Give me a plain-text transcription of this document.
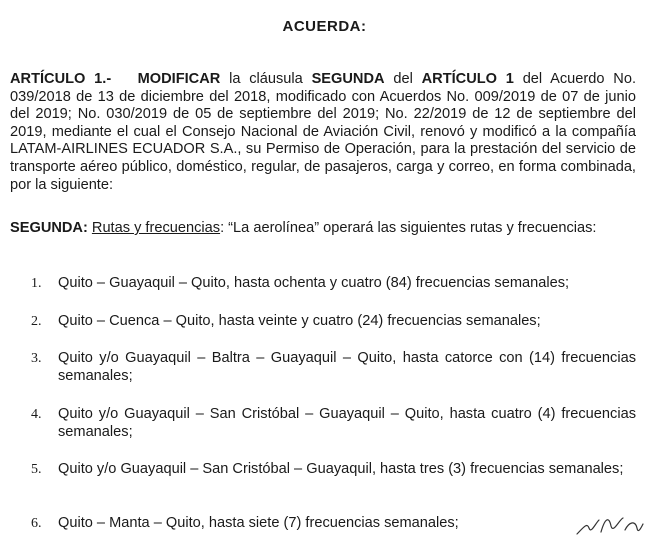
ACUERDA:
ARTÍCULO 1.- MODIFICAR la cláusula SEGUNDA del ARTÍCULO 1 del Acuerdo No. 039/2018 de 13 de diciembre del 2018, modificado con Acuerdos No. 009/2019 de 07 de junio del 2019; No. 030/2019 de 05 de septiembre del 2019; No. 22/2019 de 12 de septiembre del 2019, mediante el cual el Consejo Nacional de Aviación Civil, renovó y modificó a la compañía LATAM-AIRLINES ECUADOR S.A., su Permiso de Operación, para la prestación del servicio de transporte aéreo público, doméstico, regular, de pasajeros, carga y correo, en forma combinada, por la siguiente:
SEGUNDA: Rutas y frecuencias: “La aerolínea” operará las siguientes rutas y frecuencias:
1.	Quito – Guayaquil – Quito, hasta ochenta y cuatro (84) frecuencias semanales;
2.	Quito – Cuenca – Quito, hasta veinte y cuatro (24) frecuencias semanales;
3.	Quito y/o Guayaquil – Baltra – Guayaquil – Quito, hasta catorce con (14) frecuencias semanales;
4.	Quito y/o Guayaquil – San Cristóbal – Guayaquil – Quito, hasta cuatro (4) frecuencias semanales;
5.	Quito y/o Guayaquil – San Cristóbal – Guayaquil, hasta tres (3) frecuencias semanales;
6.	Quito – Manta – Quito, hasta siete (7) frecuencias semanales;
